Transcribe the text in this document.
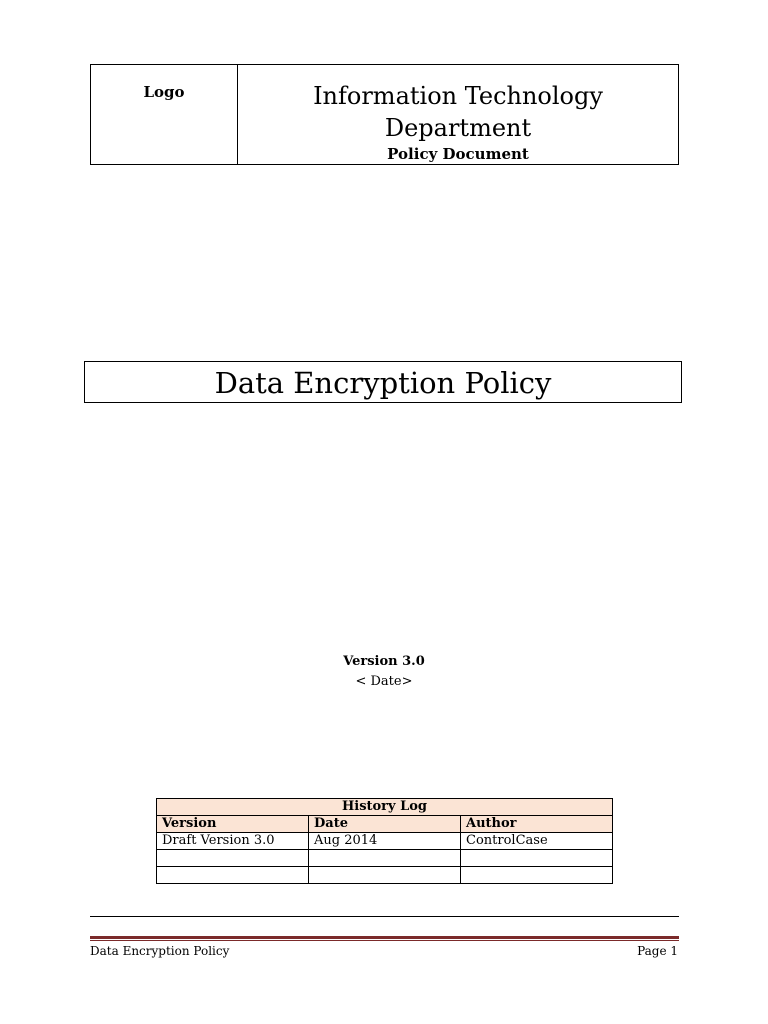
Logo	Information Technology
Department
Policy Document
Data Encryption Policy
Version 3.0
< Date>
History Log		
Version	Date	Author
Draft Version 3.0	Aug 2014	ControlCase

Data Encryption Policy	Page 1
